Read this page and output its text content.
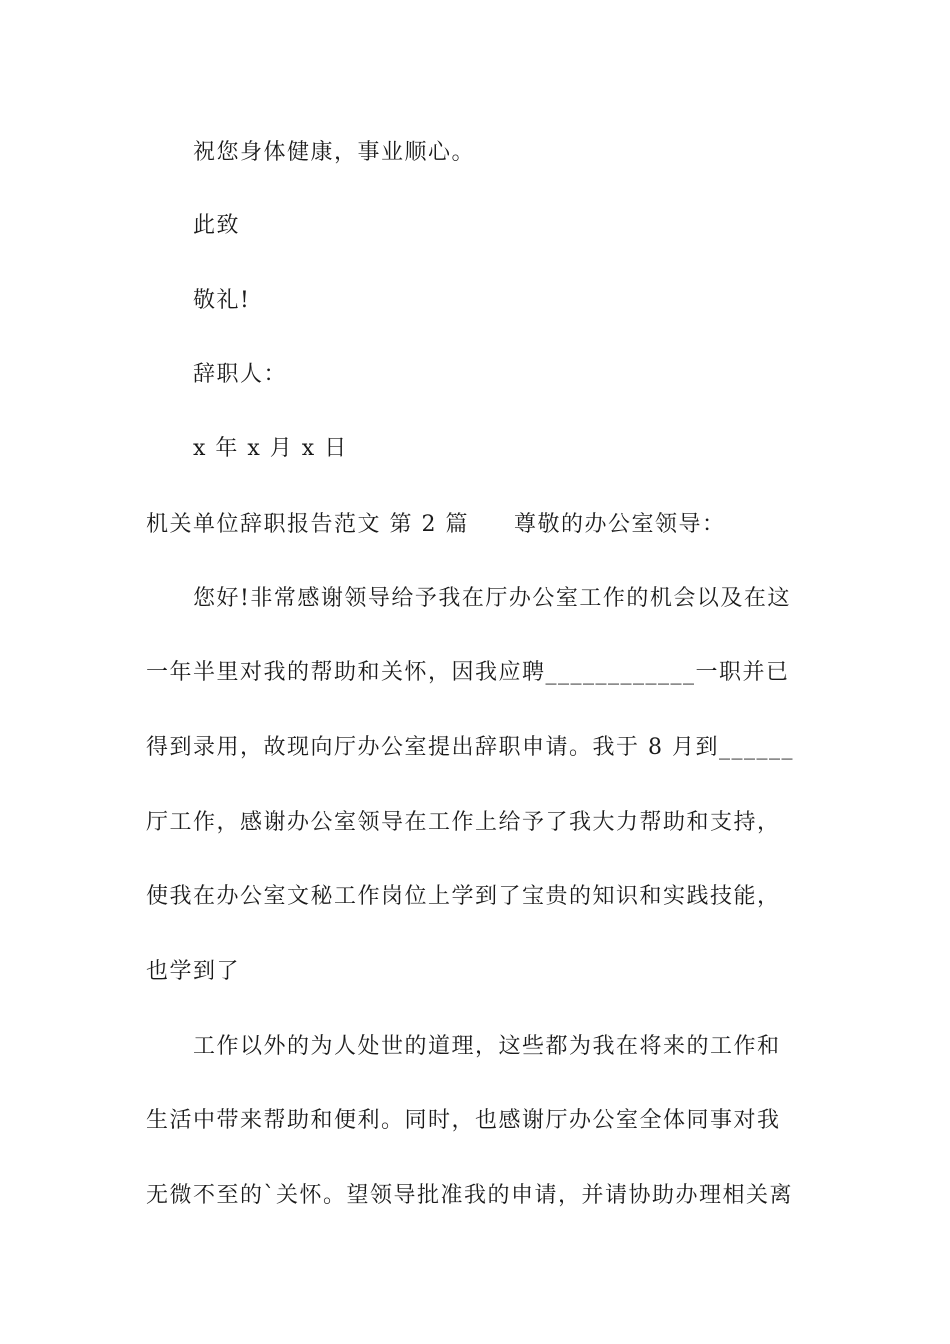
祝您身体健康，事业顺心。
此致
敬礼!
辞职人：
x 年 x 月 x 日
机关单位辞职报告范文 第 2 篇 尊敬的办公室领导：
您好!非常感谢领导给予我在厅办公室工作的机会以及在这
一年半里对我的帮助和关怀，因我应聘____________一职并已
得到录用，故现向厅办公室提出辞职申请。我于 8 月到______
厅工作，感谢办公室领导在工作上给予了我大力帮助和支持，
使我在办公室文秘工作岗位上学到了宝贵的知识和实践技能，
也学到了
工作以外的为人处世的道理，这些都为我在将来的工作和
生活中带来帮助和便利。同时，也感谢厅办公室全体同事对我
无微不至的`关怀。望领导批准我的申请，并请协助办理相关离
